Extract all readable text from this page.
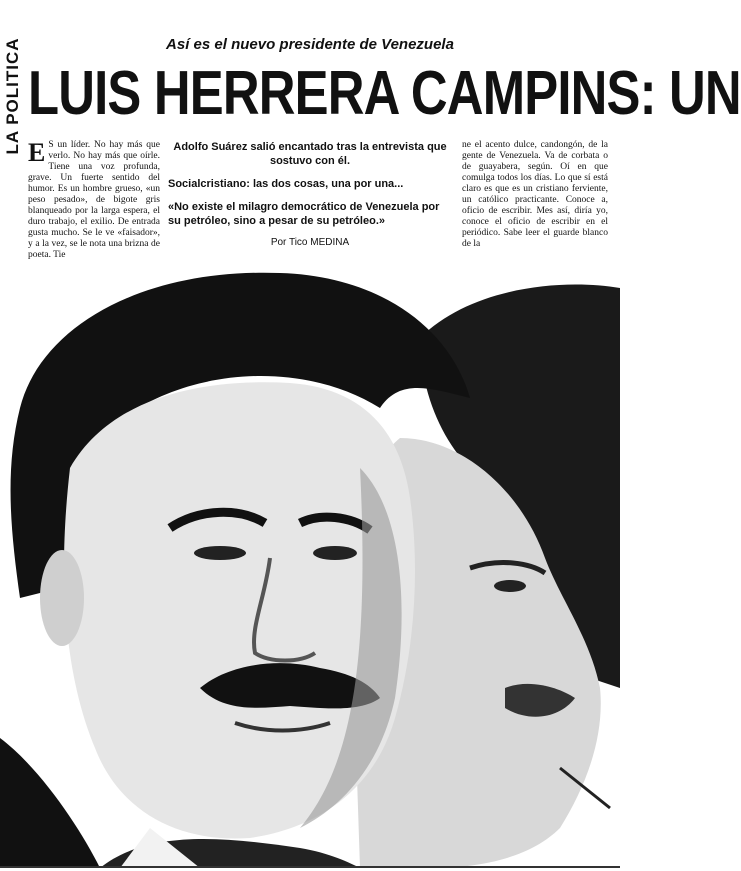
LA POLITICA	Así es el nuevo presidente de Venezuela
LUIS HERRERA CAMPINS: UN
E S un líder. No hay más que verlo. No hay más que oírle. Tiene una voz profunda, grave. Un fuerte sentido del humor. Es un hombre grueso, «un peso pesado», de bigote gris blanqueado por la larga espera, el duro trabajo, el exilio. De entrada gusta mucho. Se le ve «faisador», y a la vez, se le nota una brizna de poeta. Tie

Adolfo Suárez salió encantado tras la entrevista que sostuvo con él.

Socialcristiano: las dos cosas, una por una...

«No existe el milagro democrático de Venezuela por su petróleo, sino a pesar de su petróleo.»

Por Tico MEDINA
ne el acento dulce, candongón, de la gente de Venezuela. Va de corbata o de guayabera, según. Oí en que comulga todos los días. Lo que sí está claro es que es un cristiano ferviente, un católico practicante. Conoce a, oficio de escribir. Mes así, diría yo, conoce el oficio de escribir en el periódico. Sabe leer el guarde blanco de la
